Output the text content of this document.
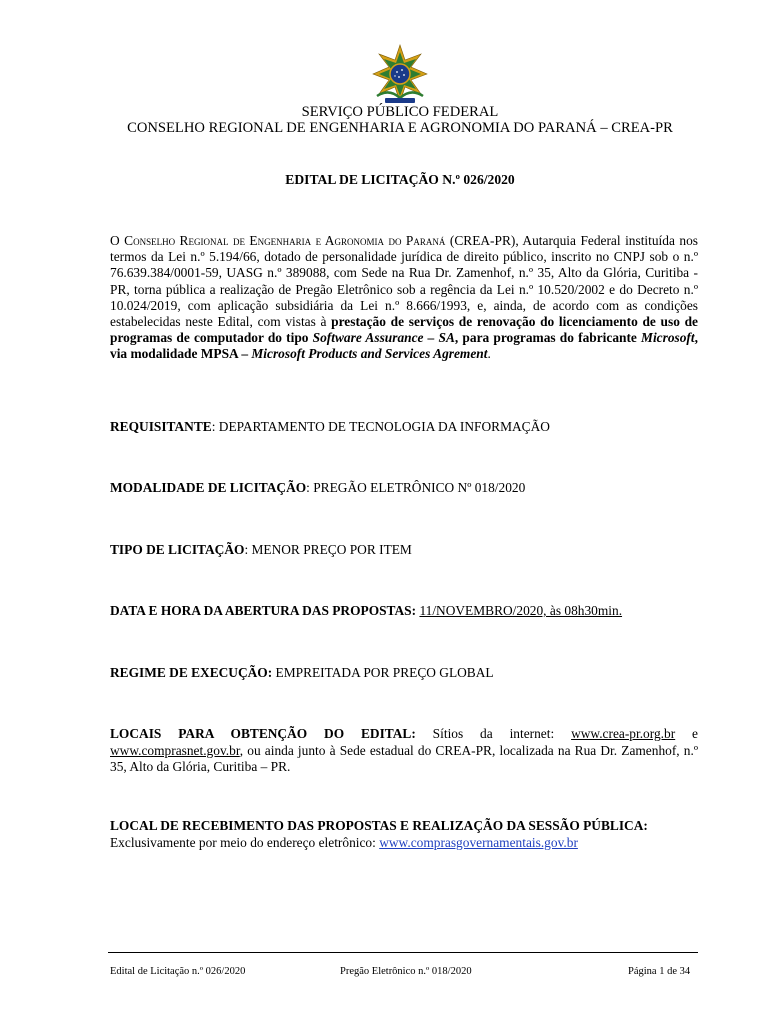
SERVIÇO PÚBLICO FEDERAL
CONSELHO REGIONAL DE ENGENHARIA E AGRONOMIA DO PARANÁ – CREA-PR
EDITAL DE LICITAÇÃO N.º 026/2020
O Conselho Regional de Engenharia e Agronomia do Paraná (CREA-PR), Autarquia Federal instituída nos termos da Lei n.º 5.194/66, dotado de personalidade jurídica de direito público, inscrito no CNPJ sob o n.º 76.639.384/0001-59, UASG n.º 389088, com Sede na Rua Dr. Zamenhof, n.º 35, Alto da Glória, Curitiba - PR, torna pública a realização de Pregão Eletrônico sob a regência da Lei n.º 10.520/2002 e do Decreto n.º 10.024/2019, com aplicação subsidiária da Lei n.º 8.666/1993, e, ainda, de acordo com as condições estabelecidas neste Edital, com vistas à prestação de serviços de renovação do licenciamento de uso de programas de computador do tipo Software Assurance – SA, para programas do fabricante Microsoft, via modalidade MPSA – Microsoft Products and Services Agrement.
REQUISITANTE: DEPARTAMENTO DE TECNOLOGIA DA INFORMAÇÃO
MODALIDADE DE LICITAÇÃO: PREGÃO ELETRÔNICO Nº 018/2020
TIPO DE LICITAÇÃO: MENOR PREÇO POR ITEM
DATA E HORA DA ABERTURA DAS PROPOSTAS: 11/NOVEMBRO/2020, às 08h30min.
REGIME DE EXECUÇÃO: EMPREITADA POR PREÇO GLOBAL
LOCAIS PARA OBTENÇÃO DO EDITAL: Sítios da internet: www.crea-pr.org.br e www.comprasnet.gov.br, ou ainda junto à Sede estadual do CREA-PR, localizada na Rua Dr. Zamenhof, n.º 35, Alto da Glória, Curitiba – PR.
LOCAL DE RECEBIMENTO DAS PROPOSTAS E REALIZAÇÃO DA SESSÃO PÚBLICA:
Exclusivamente por meio do endereço eletrônico: www.comprasgovernamentais.gov.br
Edital de Licitação n.º 026/2020	Pregão Eletrônico n.º 018/2020	Página 1 de 34
